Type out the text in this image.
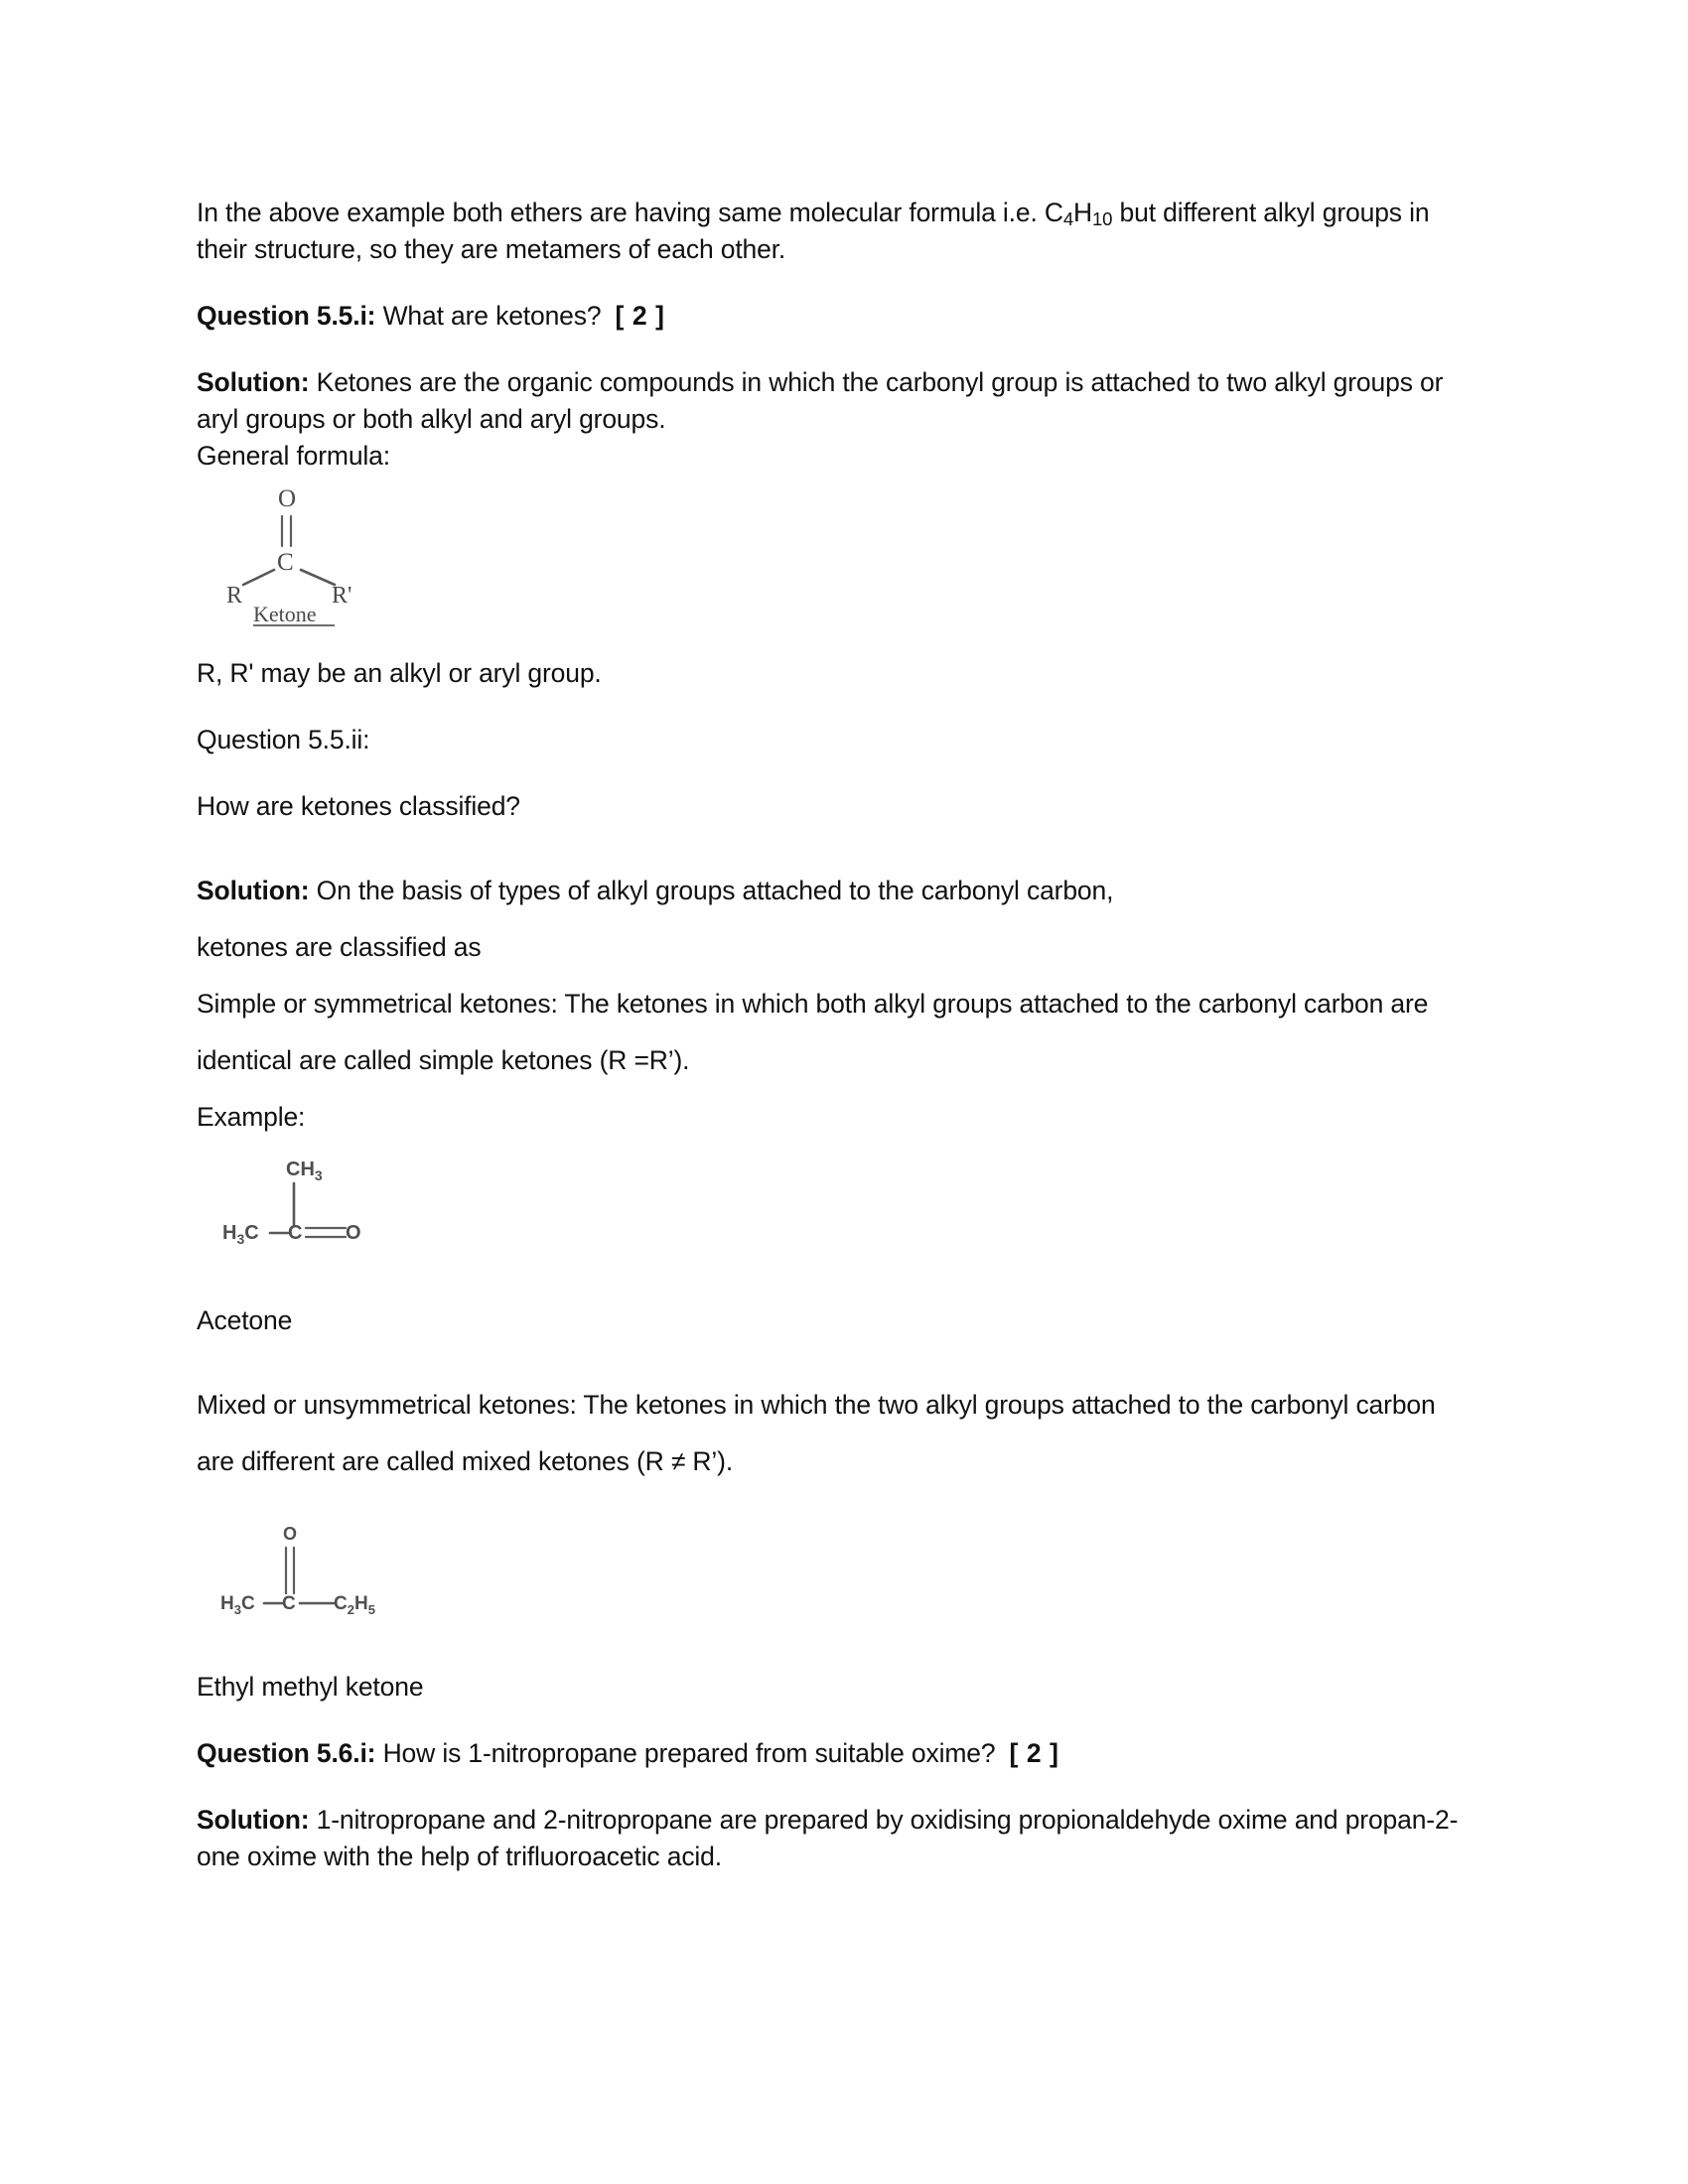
In the above example both ethers are having same molecular formula i.e. $C_4H_{10}$ but different alkyl groups in their structure, so they are metamers of each other.

Question 5.5.i: What are ketones? [ 2 ]

Solution: Ketones are the organic compounds in which the carbonyl group is attached to two alkyl groups or aryl groups or both alkyl and aryl groups.

General formula:

O
C
R	R'
Ketone

R, R' may be an alkyl or aryl group.

Question 5.5.ii:

How are ketones classified?

Solution: On the basis of types of alkyl groups attached to the carbonyl carbon,

ketones are classified as

Simple or symmetrical ketones: The ketones in which both alkyl groups attached to the carbonyl carbon are identical are called simple ketones (R =R’).

Example:

$CH_3$
$H_3C$ C O

Acetone

Mixed or unsymmetrical ketones: The ketones in which the two alkyl groups attached to the carbonyl carbon are different are called mixed ketones (R ≠ R’).

O
$H_3C$ C $C_2H_5$

Ethyl methyl ketone

Question 5.6.i: How is 1-nitropropane prepared from suitable oxime? [ 2 ]

Solution: 1-nitropropane and 2-nitropropane are prepared by oxidising propionaldehyde oxime and propan-2-one oxime with the help of trifluoroacetic acid.
